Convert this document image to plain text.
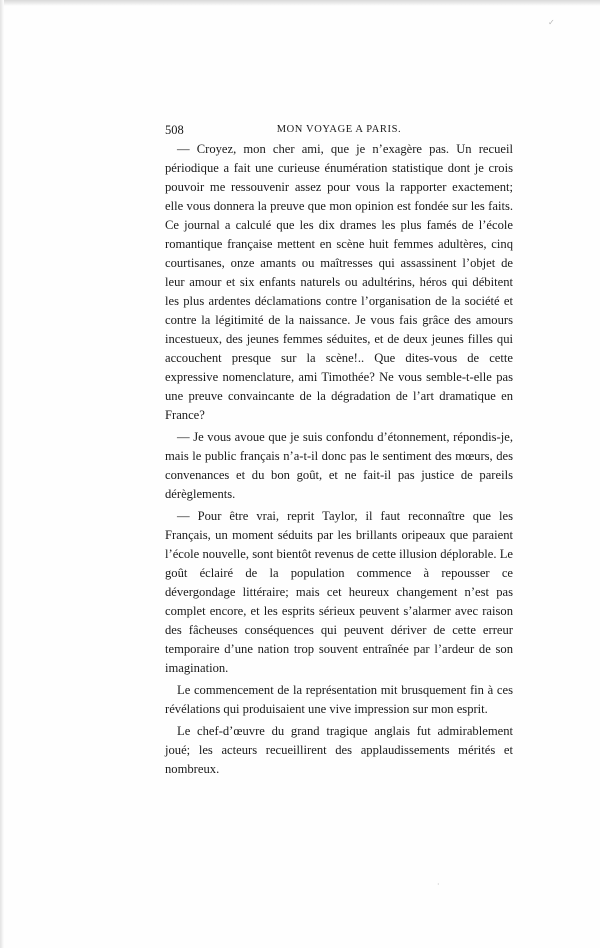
508	MON VOYAGE A PARIS.

— Croyez, mon cher ami, que je n’exagère pas. Un recueil périodique a fait une curieuse énumération statistique dont je crois pouvoir me ressouvenir assez pour vous la rapporter exactement; elle vous donnera la preuve que mon opinion est fondée sur les faits. Ce journal a calculé que les dix drames les plus famés de l’école romantique française mettent en scène huit femmes adultères, cinq courtisanes, onze amants ou maîtresses qui assassinent l’objet de leur amour et six enfants naturels ou adultérins, héros qui débitent les plus ardentes déclamations contre l’organisation de la société et contre la légitimité de la naissance. Je vous fais grâce des amours incestueux, des jeunes femmes séduites, et de deux jeunes filles qui accouchent presque sur la scène!.. Que dites-vous de cette expressive nomenclature, ami Timothée? Ne vous semble-t-elle pas une preuve convaincante de la dégradation de l’art dramatique en France?

— Je vous avoue que je suis confondu d’étonnement, répondis-je, mais le public français n’a-t-il donc pas le sentiment des mœurs, des convenances et du bon goût, et ne fait-il pas justice de pareils dérèglements.

— Pour être vrai, reprit Taylor, il faut reconnaître que les Français, un moment séduits par les brillants oripeaux que paraient l’école nouvelle, sont bientôt revenus de cette illusion déplorable. Le goût éclairé de la population commence à repousser ce dévergondage littéraire; mais cet heureux changement n’est pas complet encore, et les esprits sérieux peuvent s’alarmer avec raison des fâcheuses conséquences qui peuvent dériver de cette erreur temporaire d’une nation trop souvent entraînée par l’ardeur de son imagination.

Le commencement de la représentation mit brusquement fin à ces révélations qui produisaient une vive impression sur mon esprit.

Le chef-d’œuvre du grand tragique anglais fut admirablement joué; les acteurs recueillirent des applaudissements mérités et nombreux.

✓
·
